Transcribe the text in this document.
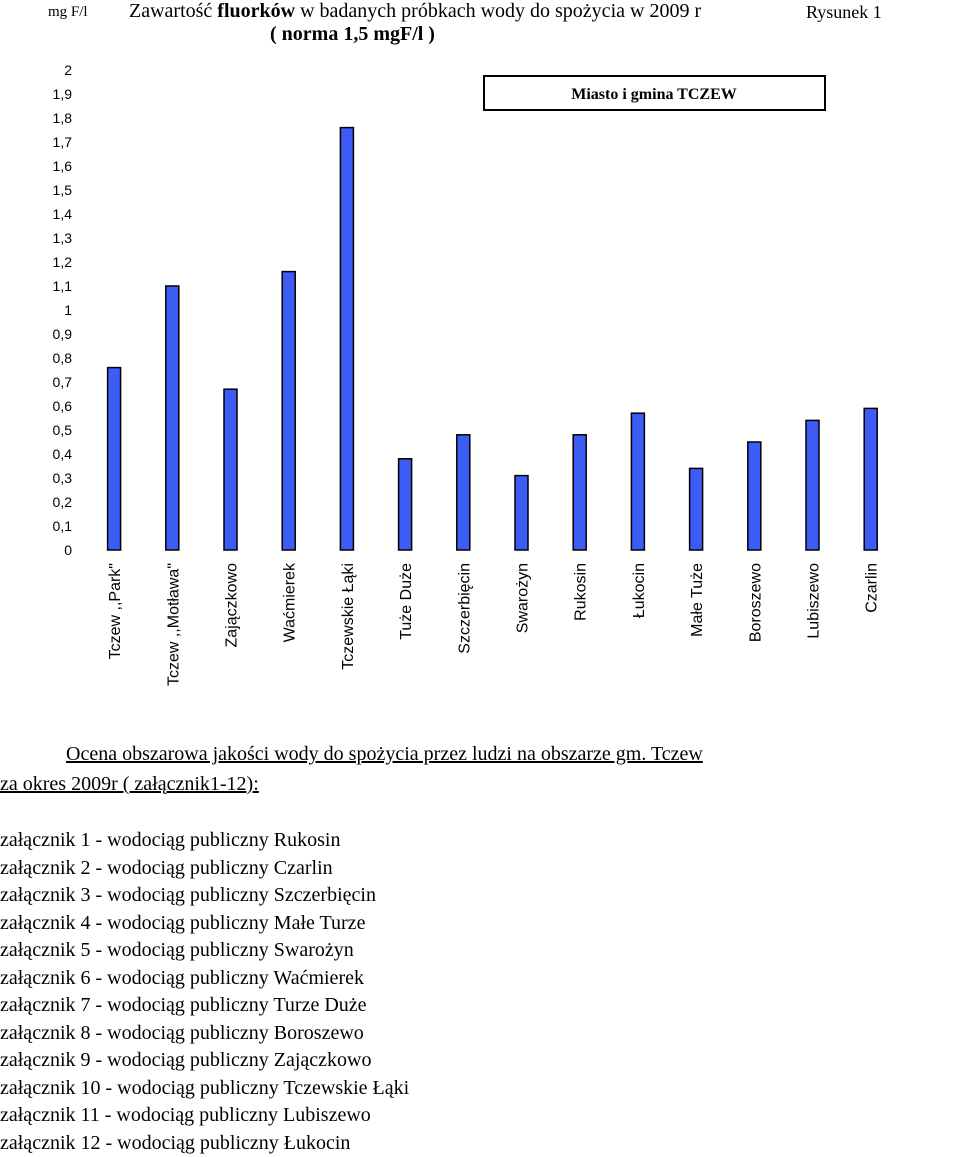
mg F/l Zawartość fluorków w badanych próbkach wody do spożycia w 2009 r
( norma 1,5 mgF/l )
Rysunek 1
0
0,1
0,2
0,3
0,4
0,5
0,6
0,7
0,8
0,9
1
1,1
1,2
1,3
1,4
1,5
1,6
1,7
1,8
1,9
2
Tczew ,,Park"	Tczew ,,Motława"	Zajączkowo	Waćmierek	Tczewskie Łąki	Tuże Duże	Szczerbięcin	Swarożyn	Rukosin	Łukocin	Małe Tuże	Boroszewo	Lubiszewo	Czarlin
Miasto i gmina TCZEW
Ocena obszarowa jakości wody do spożycia przez ludzi na obszarze gm. Tczew
za okres 2009r ( załącznik1-12):
załącznik 1 - wodociąg publiczny Rukosin
załącznik 2 - wodociąg publiczny Czarlin
załącznik 3 - wodociąg publiczny Szczerbięcin
załącznik 4 - wodociąg publiczny Małe Turze
załącznik 5 - wodociąg publiczny Swarożyn
załącznik 6 - wodociąg publiczny Waćmierek
załącznik 7 - wodociąg publiczny Turze Duże
załącznik 8 - wodociąg publiczny Boroszewo
załącznik 9 - wodociąg publiczny Zajączkowo
załącznik 10 - wodociąg publiczny Tczewskie Łąki
załącznik 11 - wodociąg publiczny Lubiszewo
załącznik 12 - wodociąg publiczny Łukocin
